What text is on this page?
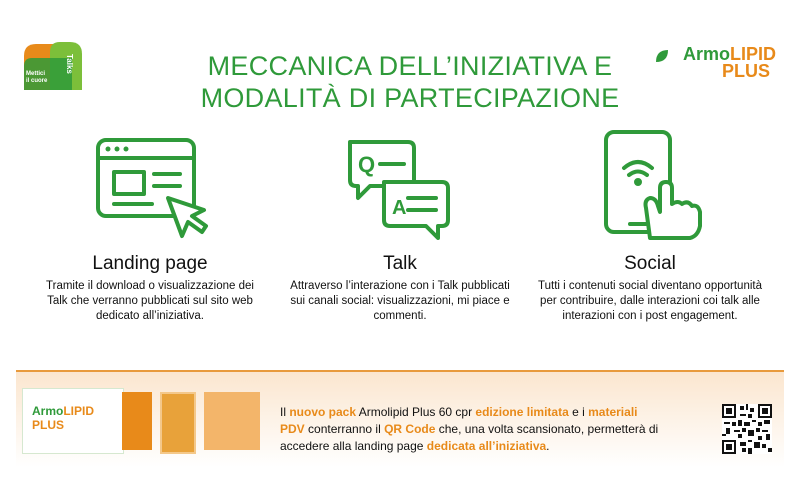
Mettici
il cuore
Talks	MECCANICA DELL’INIZIATIVA E MODALITÀ DI PARTECIPAZIONE
ArmoLIPID
PLUS
Landing page
Tramite il download o visualizzazione dei Talk che verranno pubblicati sul sito web dedicato all’iniziativa.
Q
A
Talk
Attraverso l’interazione con i Talk pubblicati sui canali social: visualizzazioni, mi piace e commenti.
Social
Tutti i contenuti social diventano opportunità per contribuire, dalle interazioni coi talk alle interazioni con i post engagement.
ArmoLIPID
PLUS
Il nuovo pack Armolipid Plus 60 cpr edizione limitata e i materiali PDV conterranno il QR Code che, una volta scansionato, permetterà di accedere alla landing page dedicata all’iniziativa.
